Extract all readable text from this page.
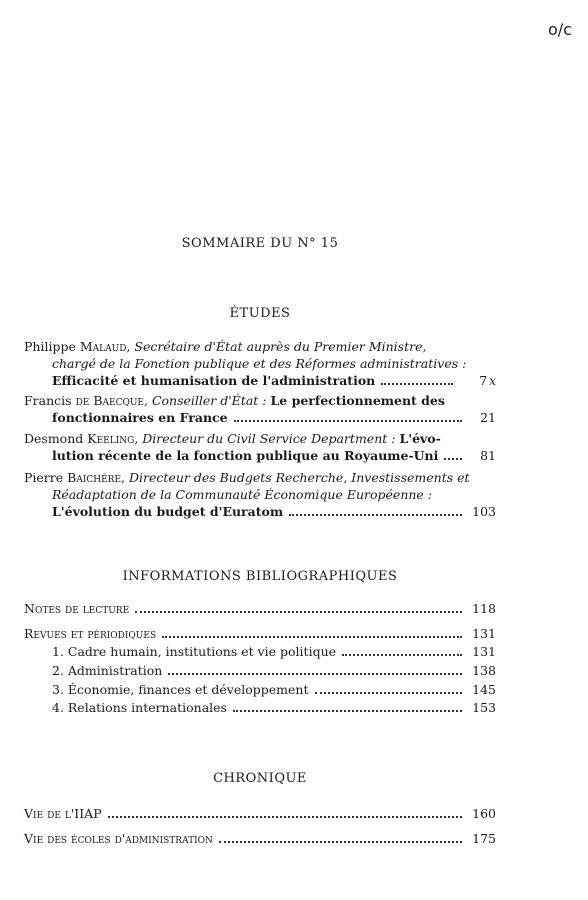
o/c
SOMMAIRE DU N° 15
ÉTUDES
Philippe Malaud, Secrétaire d'État auprès du Premier Ministre,
chargé de la Fonction publique et des Réformes administratives :
Efficacité et humanisation de l'administration	7 x
Francis de Baecque, Conseiller d'État : Le perfectionnement des
fonctionnaires en France	21
Desmond Keeling, Directeur du Civil Service Department : L'évo-
lution récente de la fonction publique au Royaume-Uni	81
Pierre Baichère, Directeur des Budgets Recherche, Investissements et
Réadaptation de la Communauté Économique Européenne :
L'évolution du budget d'Euratom	103
INFORMATIONS BIBLIOGRAPHIQUES
Notes de lecture	118
Revues et périodiques	131
1. Cadre humain, institutions et vie politique	131
2. Administration	138
3. Économie, finances et développement	145
4. Relations internationales	153
CHRONIQUE
Vie de l'IIAP	160
Vie des écoles d'administration	175
